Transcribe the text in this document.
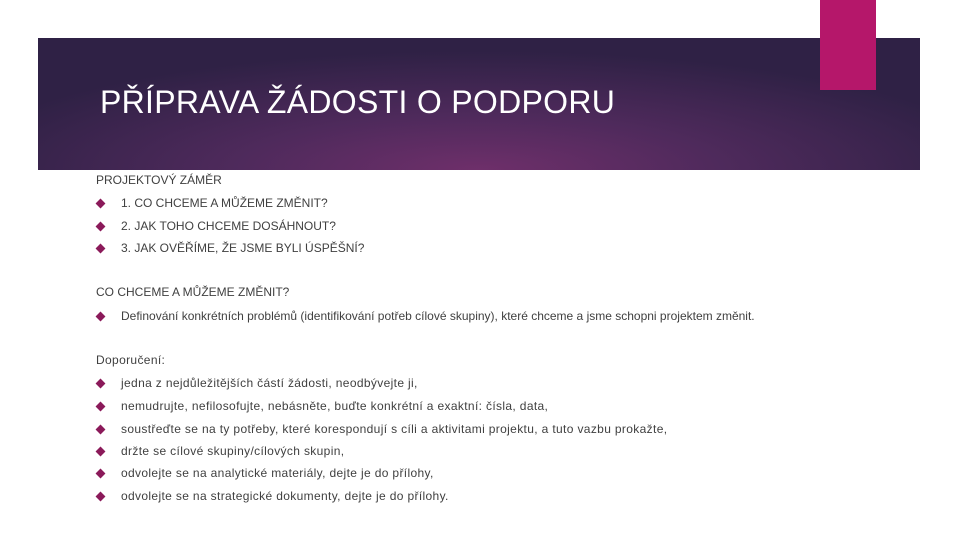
PŘÍPRAVA ŽÁDOSTI O PODPORU
PROJEKTOVÝ ZÁMĚR
1. CO CHCEME A MŮŽEME ZMĚNIT?
2. JAK TOHO CHCEME DOSÁHNOUT?
3. JAK OVĚŘÍME, ŽE JSME BYLI ÚSPĚŠNÍ?
CO CHCEME A MŮŽEME ZMĚNIT?
Definování konkrétních problémů (identifikování potřeb cílové skupiny), které chceme a jsme schopni projektem změnit.
Doporučení:
jedna z nejdůležitějších částí žádosti, neodbývejte ji,
nemudrujte, nefilosofujte, nebásněte, buďte konkrétní a exaktní: čísla, data,
soustřeďte se na ty potřeby, které korespondují s cíli a aktivitami projektu, a tuto vazbu prokažte,
držte se cílové skupiny/cílových skupin,
odvolejte se na analytické materiály, dejte je do přílohy,
odvolejte se na strategické dokumenty, dejte je do přílohy.
